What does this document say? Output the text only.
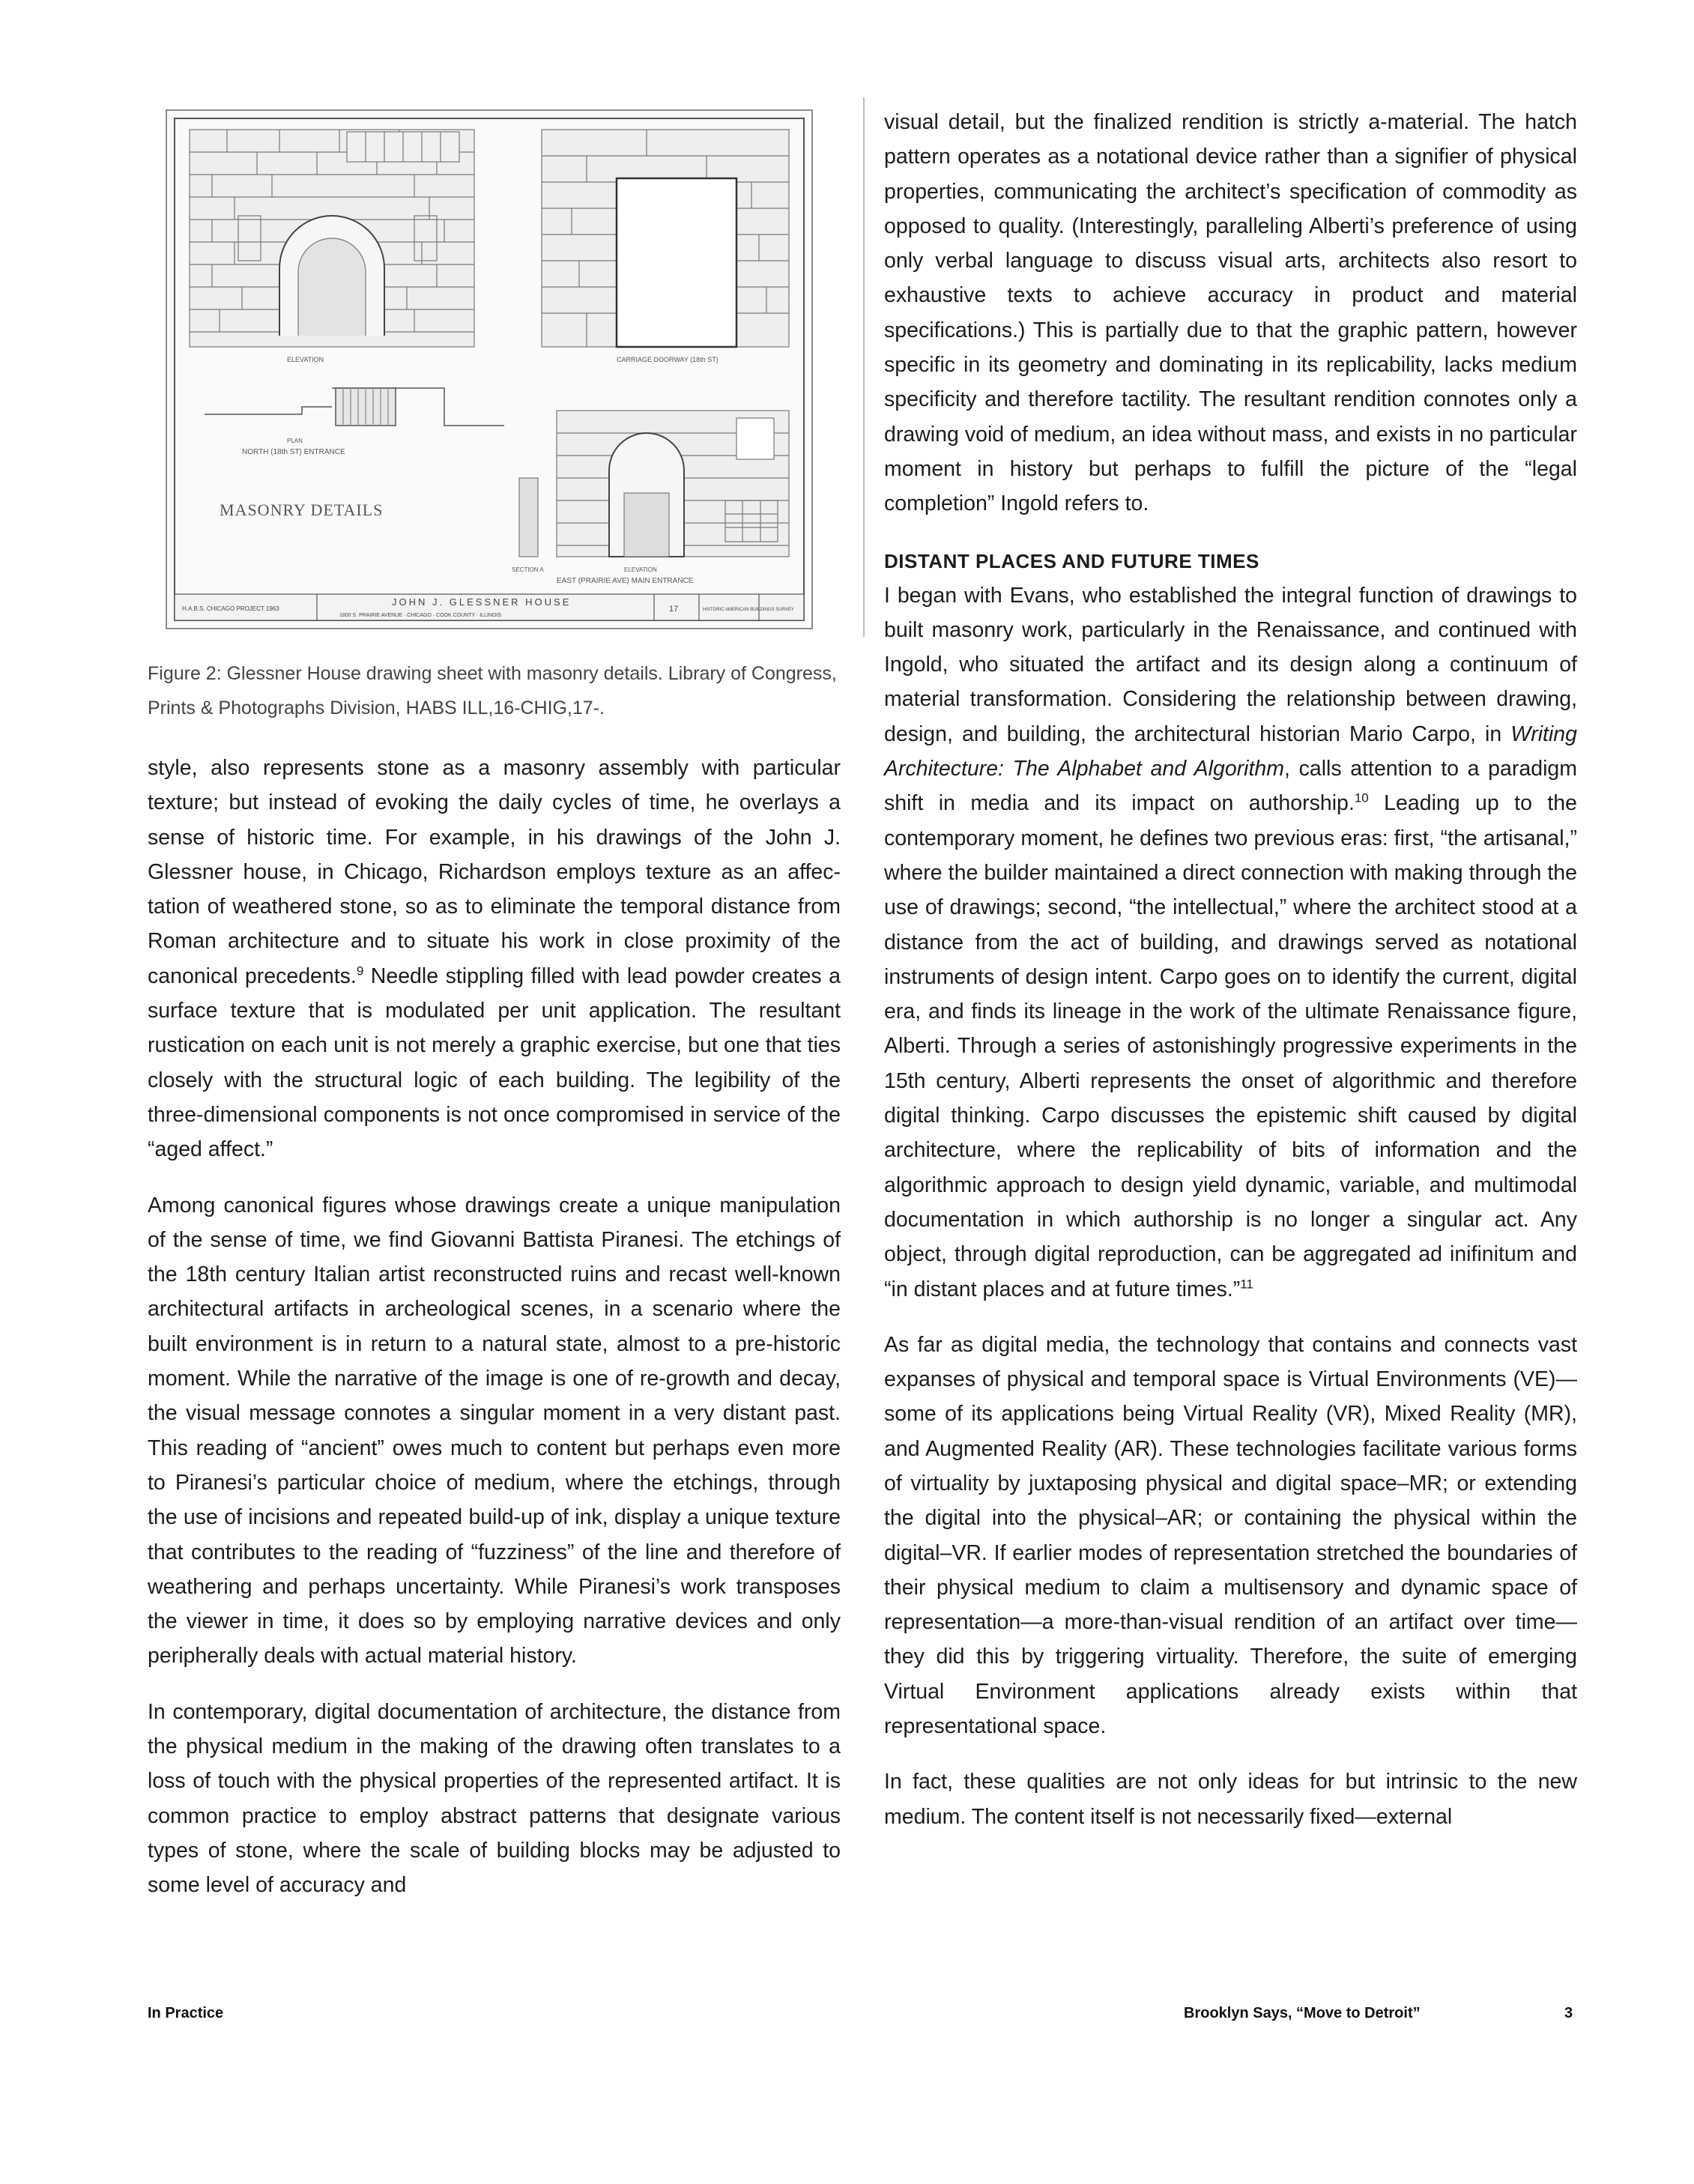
ELEVATION	CARRIAGE DOORWAY (18th ST)
PLAN
NORTH (18th ST) ENTRANCE
MASONRY DETAILS
SECTION A	ELEVATION
EAST (PRAIRIE AVE) MAIN ENTRANCE
H.A.B.S. CHICAGO PROJECT 1963
JOHN J. GLESSNER HOUSE
1800 S. PRAIRIE AVENUE · CHICAGO · COOK COUNTY · ILLINOIS
HISTORIC AMERICAN BUILDINGS SURVEY
17
Figure 2: Glessner House drawing sheet with masonry details. Library of Congress, Prints & Photographs Division, HABS ILL,16-CHIG,17-.

style, also represents stone as a masonry assembly with particular texture; but instead of evoking the daily cycles of time, he overlays a sense of historic time. For example, in his drawings of the John J. Glessner house, in Chicago, Richardson employs texture as an affectation of weathered stone, so as to eliminate the temporal distance from Roman architecture and to situate his work in close proximity of the canonical precedents.$^9$ Needle stippling filled with lead powder creates a surface texture that is modulated per unit application. The resultant rustication on each unit is not merely a graphic exercise, but one that ties closely with the structural logic of each building. The legibility of the three-dimensional components is not once compromised in service of the “aged affect.”

Among canonical figures whose drawings create a unique manipulation of the sense of time, we find Giovanni Battista Piranesi. The etchings of the 18th century Italian artist reconstructed ruins and recast well-known architectural artifacts in archeological scenes, in a scenario where the built environment is in return to a natural state, almost to a pre-historic moment. While the narrative of the image is one of re-growth and decay, the visual message connotes a singular moment in a very distant past. This reading of “ancient” owes much to content but perhaps even more to Piranesi’s particular choice of medium, where the etchings, through the use of incisions and repeated build-up of ink, display a unique texture that contributes to the reading of “fuzziness” of the line and therefore of weathering and perhaps uncertainty. While Piranesi’s work transposes the viewer in time, it does so by employing narrative devices and only peripherally deals with actual material history.

In contemporary, digital documentation of architecture, the distance from the physical medium in the making of the drawing often translates to a loss of touch with the physical properties of the represented artifact. It is common practice to employ abstract patterns that designate various types of stone, where the scale of building blocks may be adjusted to some level of accuracy and

visual detail, but the finalized rendition is strictly a-material. The hatch pattern operates as a notational device rather than a signifier of physical properties, communicating the architect’s specification of commodity as opposed to quality. (Interestingly, paralleling Alberti’s preference of using only verbal language to discuss visual arts, architects also resort to exhaustive texts to achieve accuracy in product and material specifications.) This is partially due to that the graphic pattern, however specific in its geometry and dominating in its replicability, lacks medium specificity and therefore tactility. The resultant rendition connotes only a drawing void of medium, an idea without mass, and exists in no particular moment in history but perhaps to fulfill the picture of the “legal completion” Ingold refers to.

DISTANT PLACES AND FUTURE TIMES

I began with Evans, who established the integral function of drawings to built masonry work, particularly in the Renaissance, and continued with Ingold, who situated the artifact and its design along a continuum of material transformation. Considering the relationship between drawing, design, and building, the architectural historian Mario Carpo, in Writing Architecture: The Alphabet and Algorithm, calls attention to a paradigm shift in media and its impact on authorship.$^{10}$ Leading up to the contemporary moment, he defines two previous eras: first, “the artisanal,” where the builder maintained a direct connection with making through the use of drawings; second, “the intellectual,” where the architect stood at a distance from the act of building, and drawings served as notational instruments of design intent. Carpo goes on to identify the current, digital era, and finds its lineage in the work of the ultimate Renaissance figure, Alberti. Through a series of astonishingly progressive experiments in the 15th century, Alberti represents the onset of algorithmic and therefore digital thinking. Carpo discusses the epistemic shift caused by digital architecture, where the replicability of bits of information and the algorithmic approach to design yield dynamic, variable, and multimodal documentation in which authorship is no longer a singular act. Any object, through digital reproduction, can be aggregated ad inifinitum and “in distant places and at future times.”$^{11}$

As far as digital media, the technology that contains and connects vast expanses of physical and temporal space is Virtual Environments (VE)—some of its applications being Virtual Reality (VR), Mixed Reality (MR), and Augmented Reality (AR). These technologies facilitate various forms of virtuality by juxtaposing physical and digital space–MR; or extending the digital into the physical–AR; or containing the physical within the digital–VR. If earlier modes of representation stretched the boundaries of their physical medium to claim a multisensory and dynamic space of representation—a more-than-visual rendition of an artifact over time—they did this by triggering virtuality. Therefore, the suite of emerging Virtual Environment applications already exists within that representational space.

In fact, these qualities are not only ideas for but intrinsic to the new medium. The content itself is not necessarily fixed—external

In Practice	Brooklyn Says, “Move to Detroit”	3
